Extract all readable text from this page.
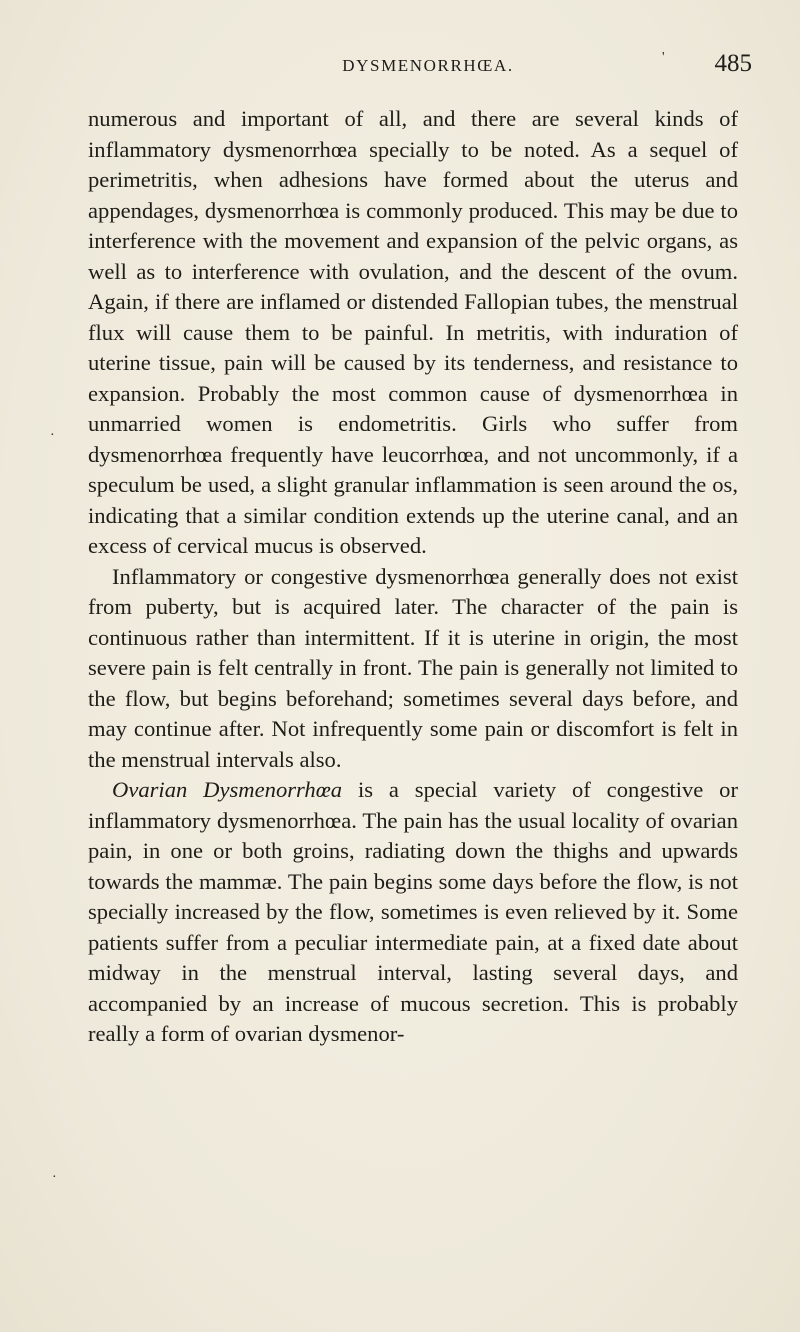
DYSMENORRHŒA.	' 485
·
·

numerous and important of all, and there are several kinds of inflammatory dysmenorrhœa specially to be noted. As a sequel of perimetritis, when adhesions have formed about the uterus and appendages, dysmenorrhœa is commonly produced. This may be due to interference with the movement and expansion of the pelvic organs, as well as to interference with ovulation, and the descent of the ovum. Again, if there are inflamed or distended Fallopian tubes, the menstrual flux will cause them to be painful. In metritis, with induration of uterine tissue, pain will be caused by its tenderness, and resistance to expansion. Probably the most common cause of dysmenorrhœa in unmarried women is endometritis. Girls who suffer from dysmenorrhœa frequently have leucorrhœa, and not uncommonly, if a speculum be used, a slight granular inflammation is seen around the os, indicating that a similar condition extends up the uterine canal, and an excess of cervical mucus is observed.

Inflammatory or congestive dysmenorrhœa generally does not exist from puberty, but is acquired later. The character of the pain is continuous rather than intermittent. If it is uterine in origin, the most severe pain is felt centrally in front. The pain is generally not limited to the flow, but begins beforehand; sometimes several days before, and may continue after. Not infrequently some pain or discomfort is felt in the menstrual intervals also.

Ovarian Dysmenorrhœa is a special variety of congestive or inflammatory dysmenorrhœa. The pain has the usual locality of ovarian pain, in one or both groins, radiating down the thighs and upwards towards the mammæ. The pain begins some days before the flow, is not specially increased by the flow, sometimes is even relieved by it. Some patients suffer from a peculiar intermediate pain, at a fixed date about midway in the menstrual interval, lasting several days, and accompanied by an increase of mucous secretion. This is probably really a form of ovarian dysmenor-
